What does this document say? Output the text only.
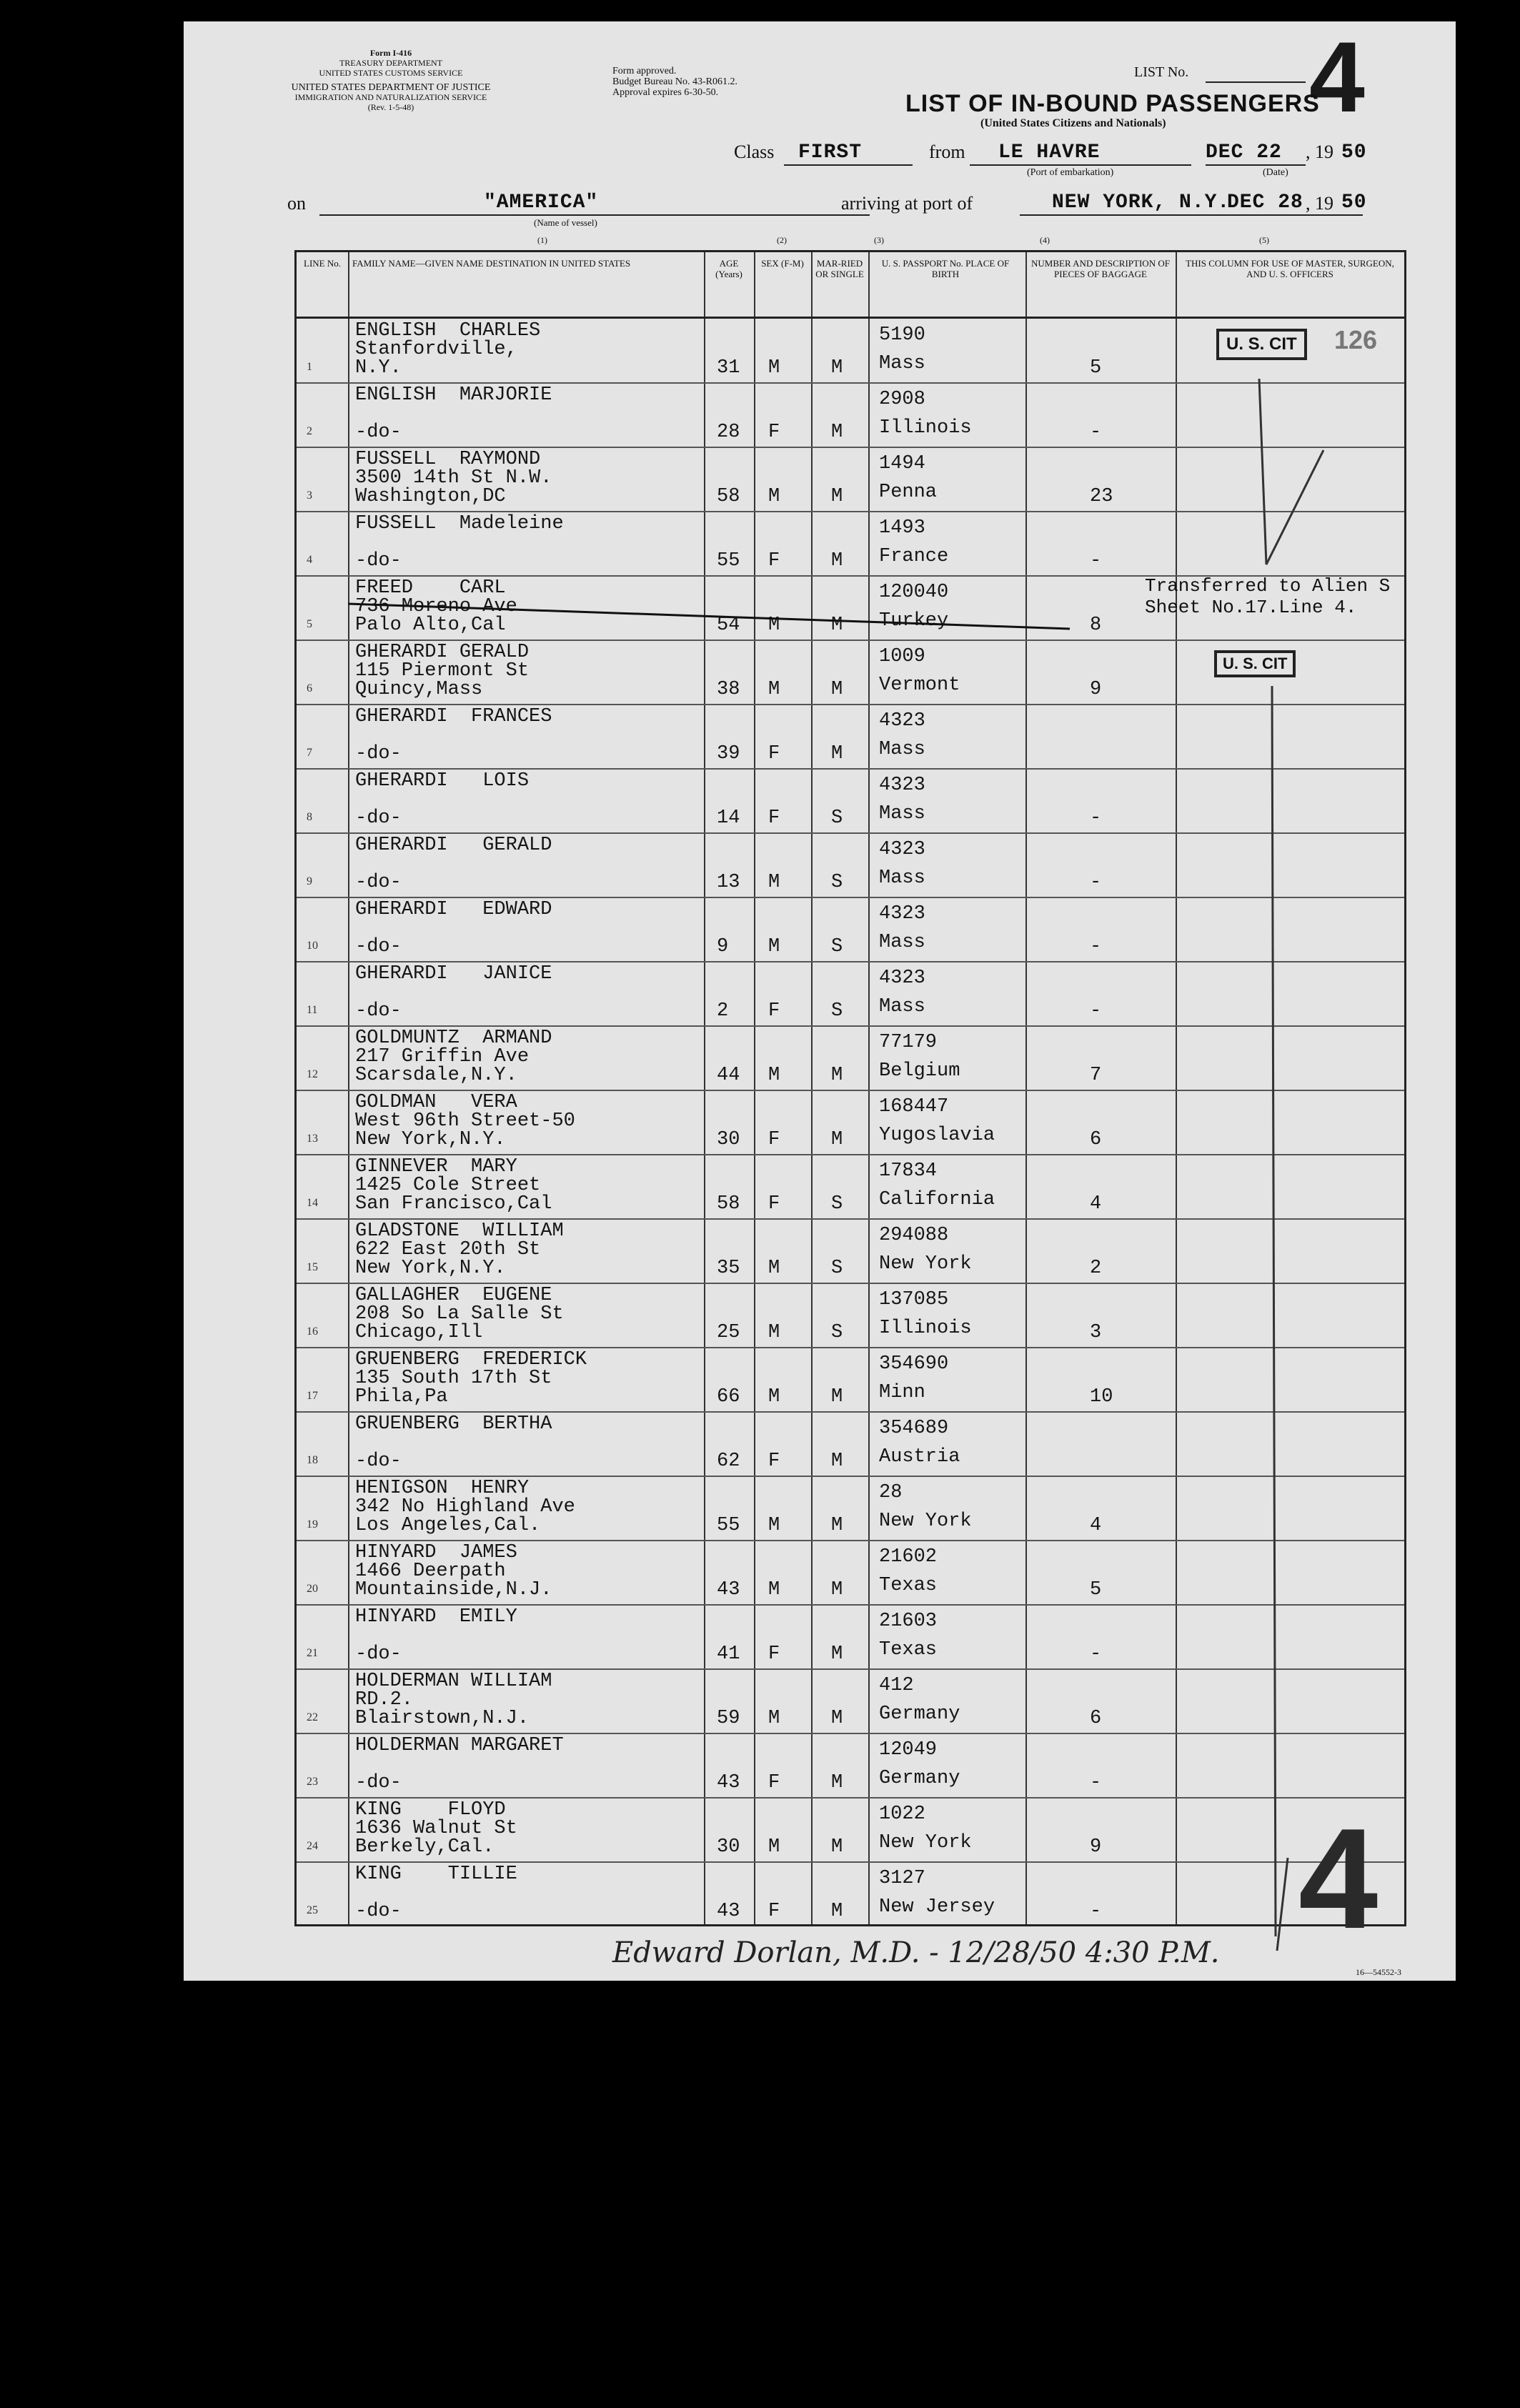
Form I-416
TREASURY DEPARTMENT
UNITED STATES CUSTOMS SERVICE
UNITED STATES DEPARTMENT OF JUSTICE
IMMIGRATION AND NATURALIZATION SERVICE
(Rev. 1-5-48)
Form approved.
Budget Bureau No. 43-R061.2.
Approval expires 6-30-50.
LIST No. 4
LIST OF IN-BOUND PASSENGERS
(United States Citizens and Nationals)
Class FIRST	from LE HAVRE
(Port of embarkation)
DEC 22 , 19 50
(Date)
on	"AMERICA"
(Name of vessel)
arriving at port of	NEW YORK, N.Y.
DEC 28 , 19 50
(1)	(2)	(3)	(4)	(5)
LINE No.	FAMILY NAME—GIVEN NAME DESTINATION IN UNITED STATES	AGE (Years)
SEX (F-M)	MAR-RIED OR SINGLE
U. S. PASSPORT No. PLACE OF BIRTH
NUMBER AND DESCRIPTION OF PIECES OF BAGGAGE
THIS COLUMN FOR USE OF MASTER, SURGEON, AND U. S. OFFICERS
1
ENGLISH  CHARLES
Stanfordville,
N.Y.	31 M	M
5190
Mass	5
2
ENGLISH  MARJORIE
-do-	28 F	M
2908
Illinois	-
3
FUSSELL  RAYMOND
3500 14th St N.W.
Washington,DC	58 M	M
1494
Penna	23
4
FUSSELL  Madeleine
-do-	55 F	M
1493
France	-
5
FREED    CARL
736 Moreno Ave
Palo Alto,Cal	54 M	M
120040
Turkey	8
6
GHERARDI GERALD
115 Piermont St
Quincy,Mass	38 M	M
1009
Vermont	9
7
GHERARDI  FRANCES
-do-	39 F	M
4323
Mass
8
GHERARDI   LOIS
-do-	14 F	S
4323
Mass	-
9
GHERARDI   GERALD
-do-	13 M	S
4323
Mass	-
10
GHERARDI   EDWARD
-do-	9 M	S
4323
Mass	-
11
GHERARDI   JANICE
-do-	2 F	S
4323
Mass	-
12
GOLDMUNTZ  ARMAND
217 Griffin Ave
Scarsdale,N.Y.	44 M	M
77179
Belgium	7
13
GOLDMAN   VERA
West 96th Street-50
New York,N.Y.	30 F	M
168447
Yugoslavia	6
14
GINNEVER  MARY
1425 Cole Street
San Francisco,Cal	58 F	S
17834
California	4
15
GLADSTONE  WILLIAM
622 East 20th St
New York,N.Y.	35 M	S
294088
New York	2
16
GALLAGHER  EUGENE
208 So La Salle St
Chicago,Ill	25 M	S
137085
Illinois	3
17
GRUENBERG  FREDERICK
135 South 17th St
Phila,Pa	66 M	M
354690
Minn	10
18
GRUENBERG  BERTHA
-do-	62 F	M
354689
Austria
19
HENIGSON  HENRY
342 No Highland Ave
Los Angeles,Cal.	55 M	M
28
New York	4
20
HINYARD  JAMES
1466 Deerpath
Mountainside,N.J.	43 M	M
21602
Texas	5
21
HINYARD  EMILY
-do-	41 F	M
21603
Texas	-
22
HOLDERMAN WILLIAM
RD.2.
Blairstown,N.J.	59 M	M
412
Germany	6
23
HOLDERMAN MARGARET
-do-	43 F	M
12049
Germany	-
24
KING    FLOYD
1636 Walnut St
Berkely,Cal.	30 M	M
1022
New York	9
25
KING    TILLIE
-do-	43 F	M
3127
New Jersey	-
U. S. CIT	126
U. S. CIT
Transferred to Alien S
Sheet No.17.Line 4.
4
Edward Dorlan, M.D. - 12/28/50 4:30 P.M.
16—54552-3
